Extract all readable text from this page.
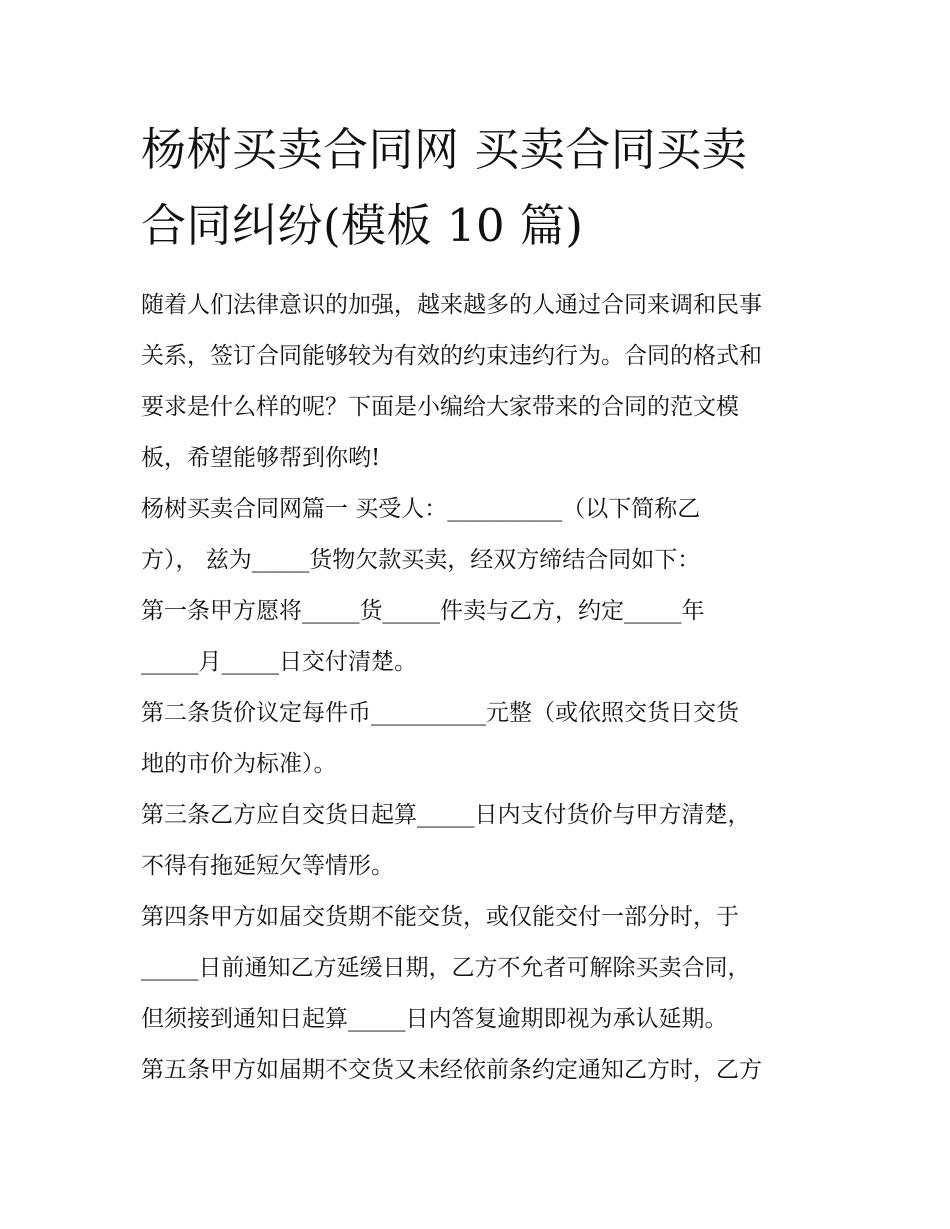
杨树买卖合同网 买卖合同买卖
合同纠纷(模板 10 篇)

随着人们法律意识的加强，越来越多的人通过合同来调和民事
关系，签订合同能够较为有效的约束违约行为。合同的格式和
要求是什么样的呢？下面是小编给大家带来的合同的范文模
板，希望能够帮到你哟!

杨树买卖合同网篇一 买受人：__________（以下简称乙
方）， 兹为_____货物欠款买卖，经双方缔结合同如下：

第一条甲方愿将_____货_____件卖与乙方，约定_____年
_____月_____日交付清楚。

第二条货价议定每件币__________元整（或依照交货日交货
地的市价为标准）。

第三条乙方应自交货日起算_____日内支付货价与甲方清楚，
不得有拖延短欠等情形。

第四条甲方如届交货期不能交货，或仅能交付一部分时，于
_____日前通知乙方延缓日期，乙方不允者可解除买卖合同，
但须接到通知日起算_____日内答复逾期即视为承认延期。

第五条甲方如届期不交货又未经依前条约定通知乙方时，乙方
